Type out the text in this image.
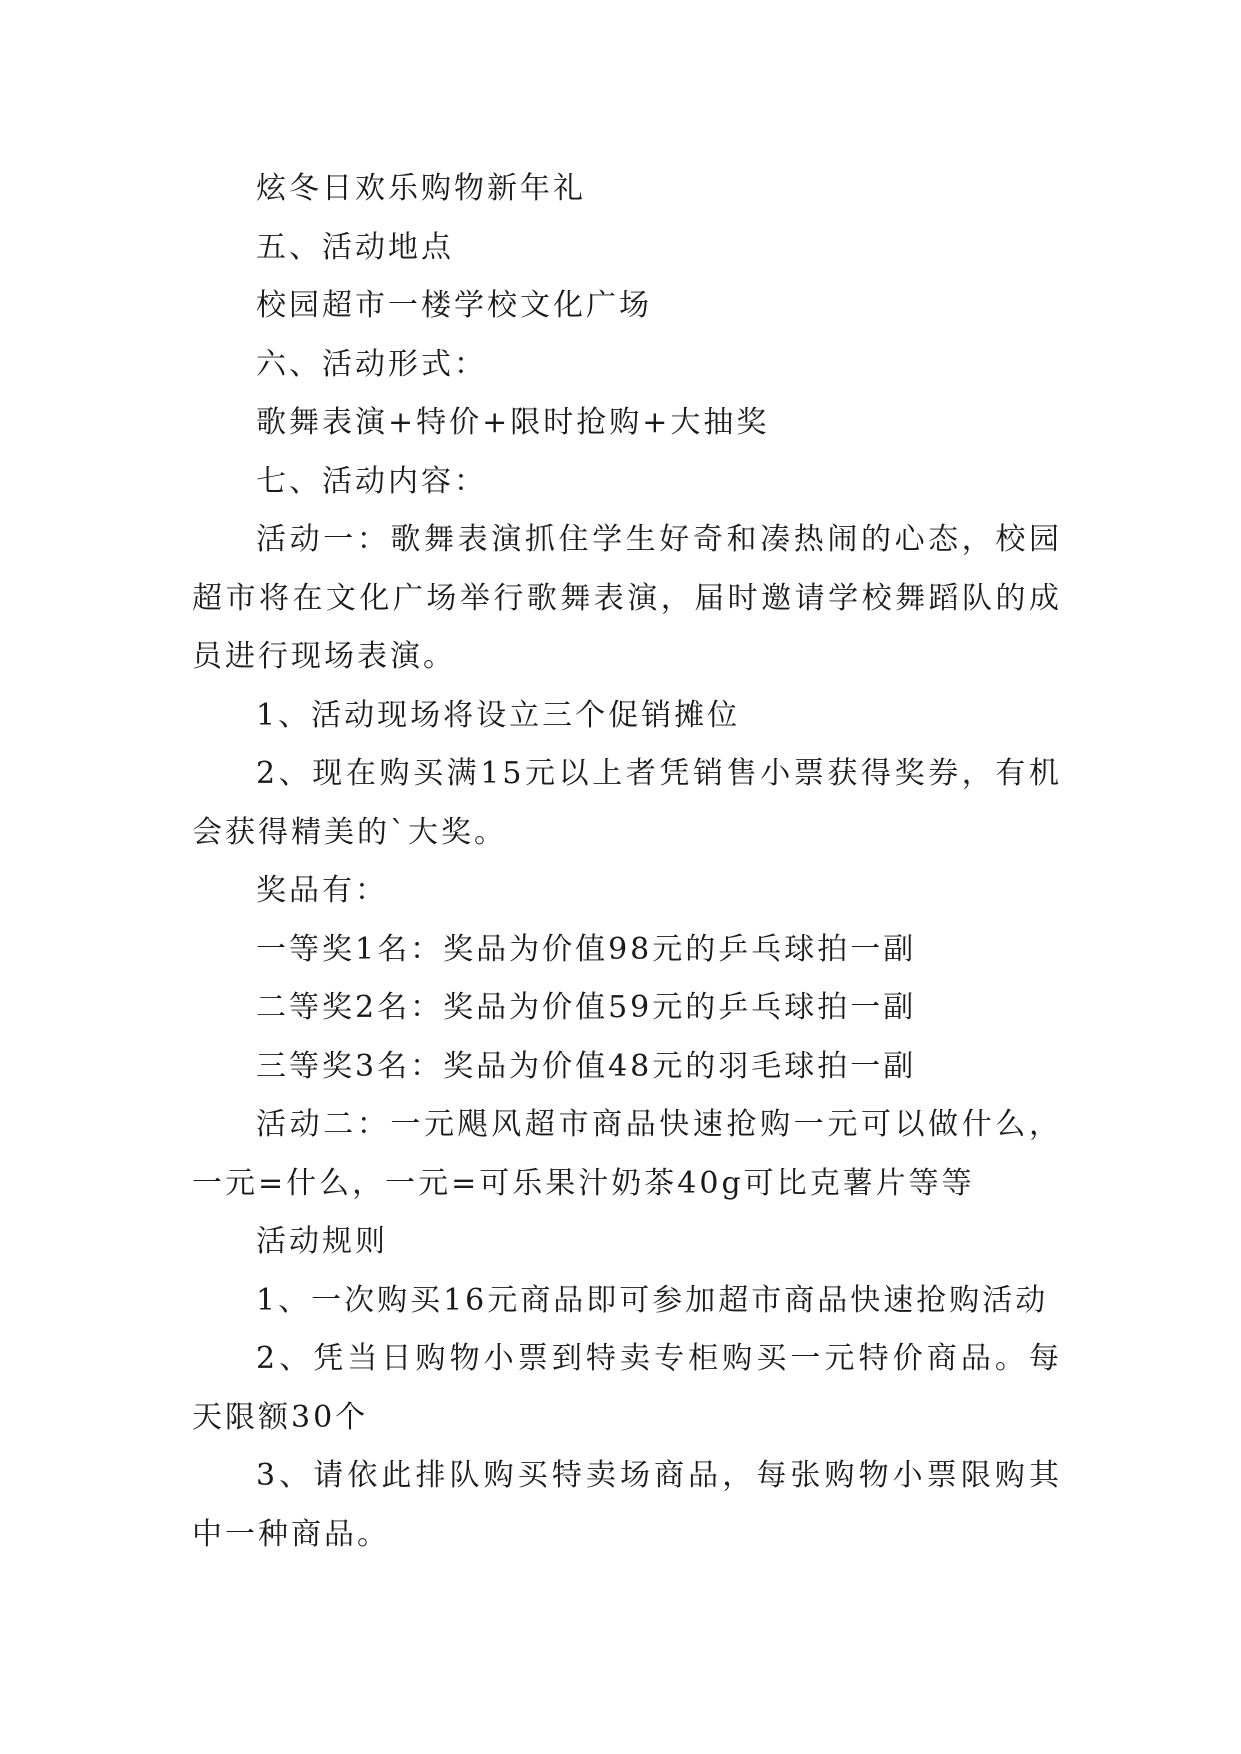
炫冬日欢乐购物新年礼

五、活动地点

校园超市一楼学校文化广场

六、活动形式：

歌舞表演+特价+限时抢购+大抽奖

七、活动内容：

活动一：歌舞表演抓住学生好奇和凑热闹的心态，校园超市将在文化广场举行歌舞表演，届时邀请学校舞蹈队的成员进行现场表演。

1、活动现场将设立三个促销摊位

2、现在购买满15元以上者凭销售小票获得奖券，有机会获得精美的`大奖。

奖品有：

一等奖1名：奖品为价值98元的乒乓球拍一副

二等奖2名：奖品为价值59元的乒乓球拍一副

三等奖3名：奖品为价值48元的羽毛球拍一副

活动二：一元飓风超市商品快速抢购一元可以做什么，一元=什么，一元=可乐果汁奶茶40g可比克薯片等等

活动规则

1、一次购买16元商品即可参加超市商品快速抢购活动

2、凭当日购物小票到特卖专柜购买一元特价商品。每天限额30个

3、请依此排队购买特卖场商品，每张购物小票限购其中一种商品。
